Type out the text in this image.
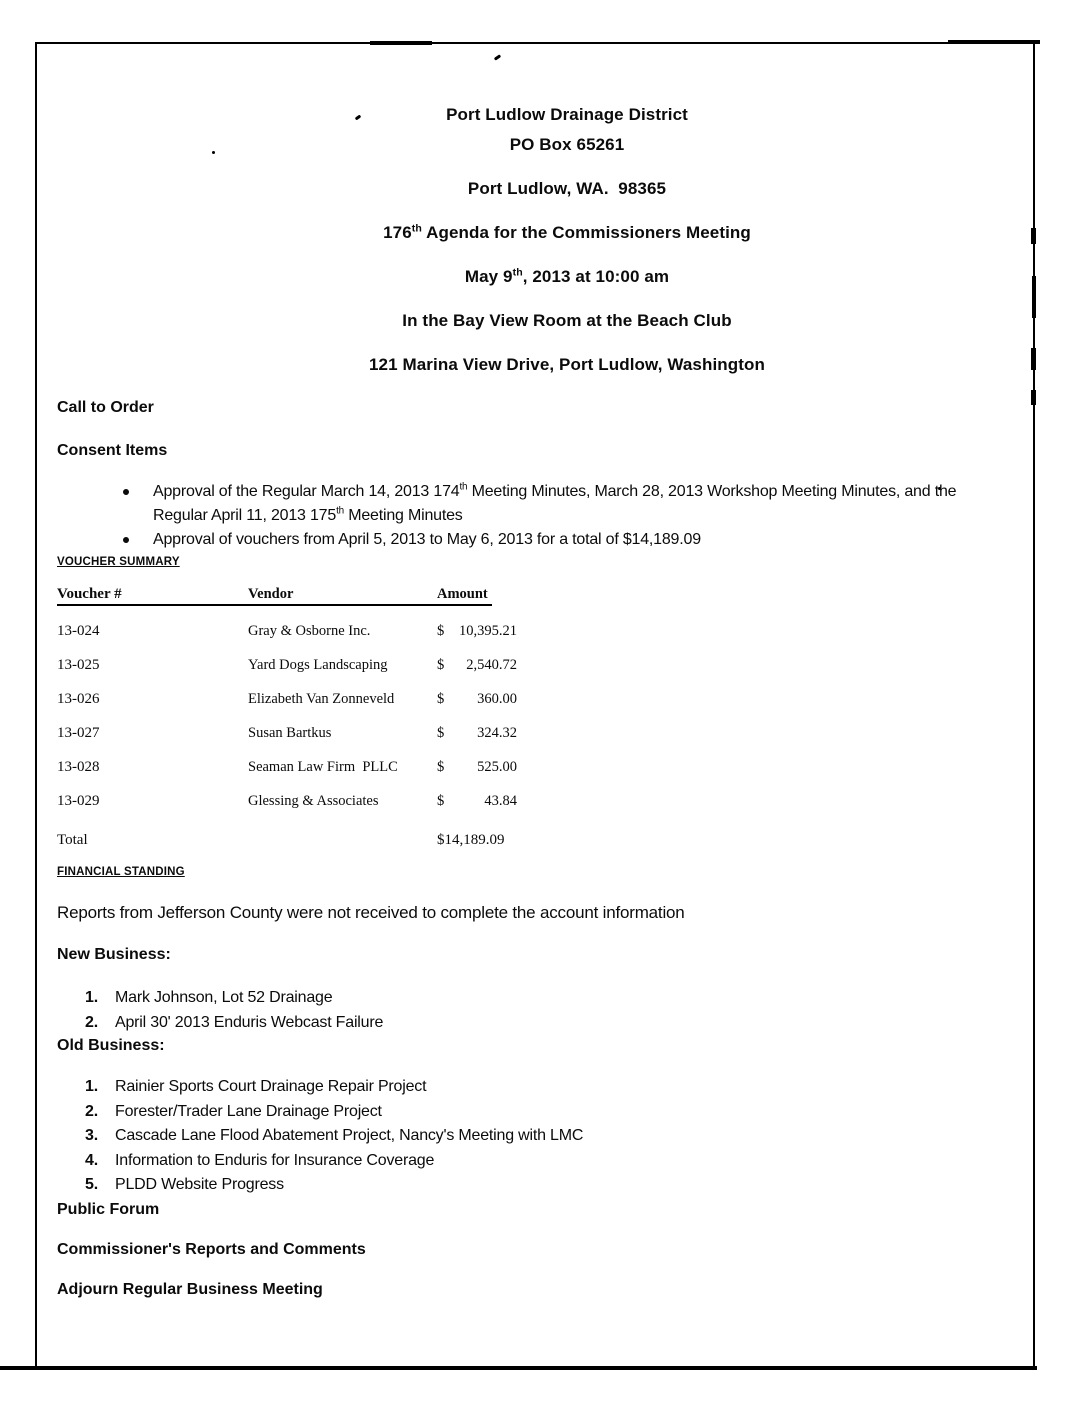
Port Ludlow Drainage District

PO Box 65261

Port Ludlow, WA.  98365

176th Agenda for the Commissioners Meeting

May 9th, 2013 at 10:00 am

In the Bay View Room at the Beach Club

121 Marina View Drive, Port Ludlow, Washington

Call to Order

Consent Items

Approval of the Regular March 14, 2013 174th Meeting Minutes, March 28, 2013 Workshop Meeting Minutes, and the Regular April 11, 2013 175th Meeting Minutes
Approval of vouchers from April 5, 2013 to May 6, 2013 for a total of $14,189.09
VOUCHER SUMMARY
Voucher #	Vendor	Amount
13-024	Gray & Osborne Inc.	$	10,395.21
13-025	Yard Dogs Landscaping	$	2,540.72
13-026	Elizabeth Van Zonneveld	$	360.00
13-027	Susan Bartkus	$	324.32
13-028	Seaman Law Firm  PLLC	$	525.00
13-029	Glessing & Associates	$	43.84
Total	$14,189.09
FINANCIAL STANDING

Reports from Jefferson County were not received to complete the account information

New Business:

1.	Mark Johnson, Lot 52 Drainage
2.	April 30' 2013 Enduris Webcast Failure

Old Business:

1.	Rainier Sports Court Drainage Repair Project
2.	Forester/Trader Lane Drainage Project
3.	Cascade Lane Flood Abatement Project, Nancy's Meeting with LMC
4.	Information to Enduris for Insurance Coverage
5.	PLDD Website Progress

Public Forum

Commissioner's Reports and Comments

Adjourn Regular Business Meeting
